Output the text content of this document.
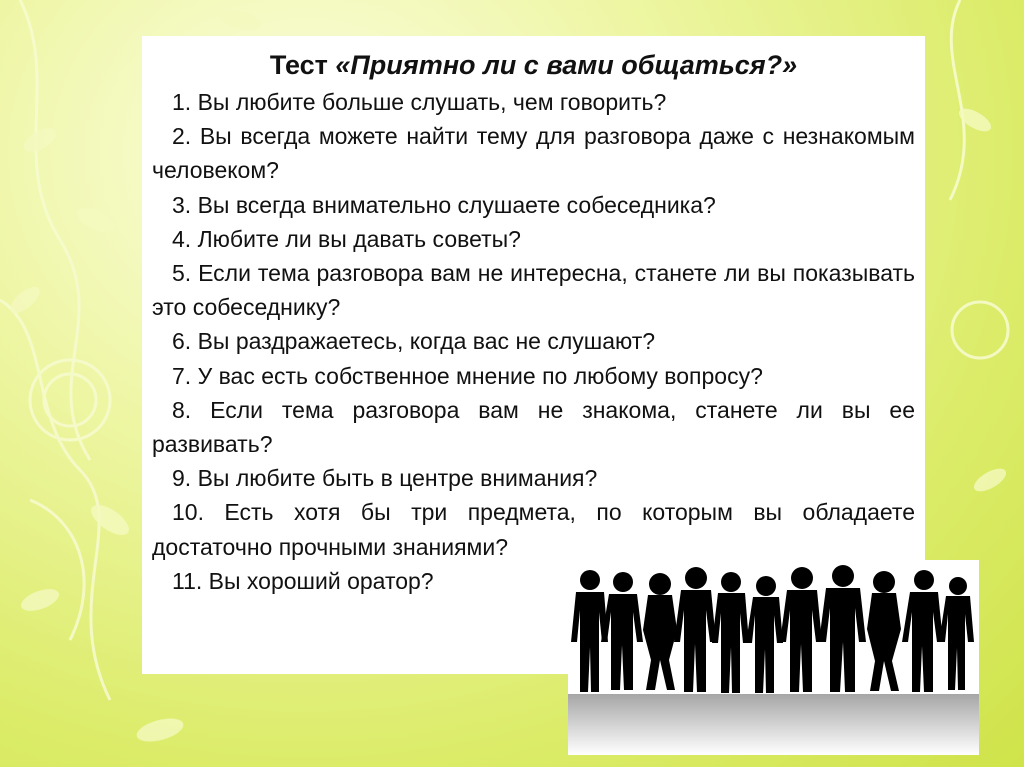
Тест «Приятно ли с вами общаться?»
1. Вы любите больше слушать, чем говорить?
2. Вы всегда можете найти тему для разговора даже с незнакомым человеком?
3. Вы всегда внимательно слушаете собеседника?
4. Любите ли вы давать советы?
5. Если тема разговора вам не интересна, станете ли вы показывать это собеседнику?
6. Вы раздражаетесь, когда вас не слушают?
7. У вас есть собственное мнение по любому вопросу?
8. Если тема разговора вам не знакома, станете ли вы ее развивать?
9. Вы любите быть в центре внимания?
10. Есть хотя бы три предмета, по которым вы обладаете достаточно прочными знаниями?
11. Вы хороший оратор?
